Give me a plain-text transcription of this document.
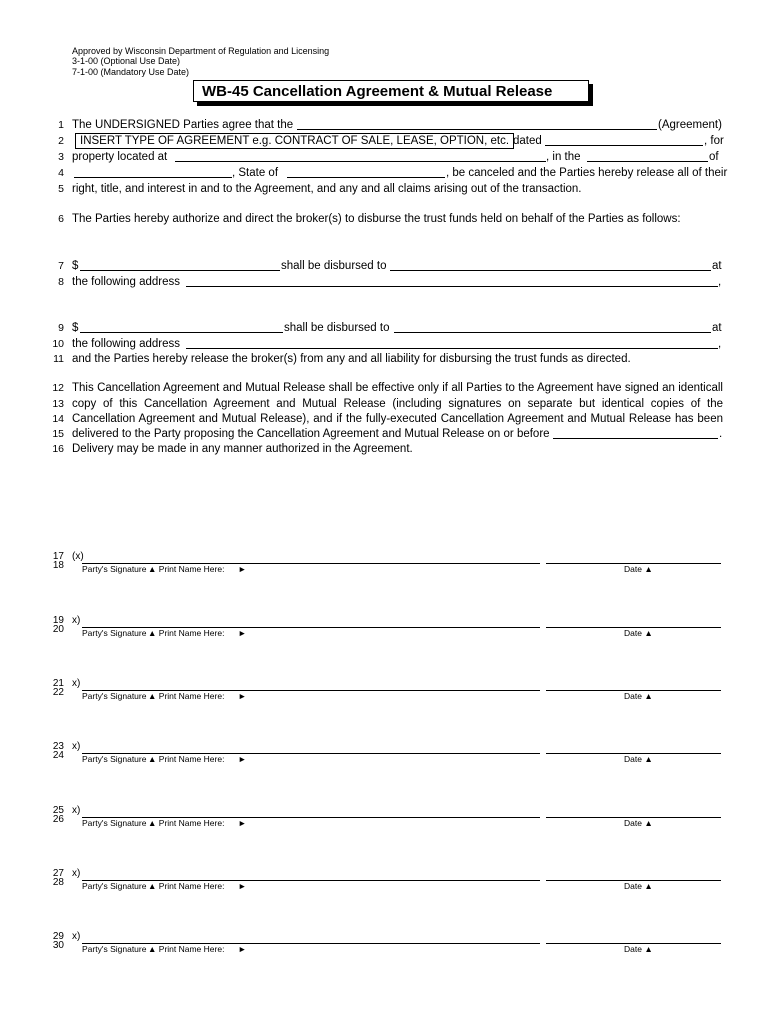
Approved by Wisconsin Department of Regulation and Licensing
3-1-00 (Optional Use Date)
7-1-00 (Mandatory Use Date)
WB-45 Cancellation Agreement & Mutual Release
1 The UNDERSIGNED Parties agree that the	(Agreement)
2	INSERT TYPE OF AGREEMENT e.g. CONTRACT OF SALE, LEASE, OPTION, etc. dated	, for
3 property located at	, in the	of
4	, State of	, be canceled and the Parties hereby release all of their
5 right, title, and interest in and to the Agreement, and any and all claims arising out of the transaction.
6 The Parties hereby authorize and direct the broker(s) to disburse the trust funds held on behalf of the Parties as follows:
7 $	shall be disbursed to	at
8 the following address	,
9 $	shall be disbursed to	at
10 the following address	,
11 and the Parties hereby release the broker(s) from any and all liability for disbursing the trust funds as directed.
12 This Cancellation Agreement and Mutual Release shall be effective only if all Parties to the Agreement have signed an identicall
13 copy of this Cancellation Agreement and Mutual Release (including signatures on separate but identical copies of the
14 Cancellation Agreement and Mutual Release), and if the fully-executed Cancellation Agreement and Mutual Release has been
15 delivered to the Party proposing the Cancellation Agreement and Mutual Release on or before	.
16 Delivery may be made in any manner authorized in the Agreement.
17
18
(x)
Party's Signature ▲ Print Name Here: ►	Date ▲
19
20
x)
Party's Signature ▲ Print Name Here: ►	Date ▲
21
22
x)
Party's Signature ▲ Print Name Here: ►	Date ▲
23
24
x)
Party's Signature ▲ Print Name Here: ►	Date ▲
25
26
x)
Party's Signature ▲ Print Name Here: ►	Date ▲
27
28
x)
Party's Signature ▲ Print Name Here: ►	Date ▲
29
30
x)
Party's Signature ▲ Print Name Here: ►	Date ▲
